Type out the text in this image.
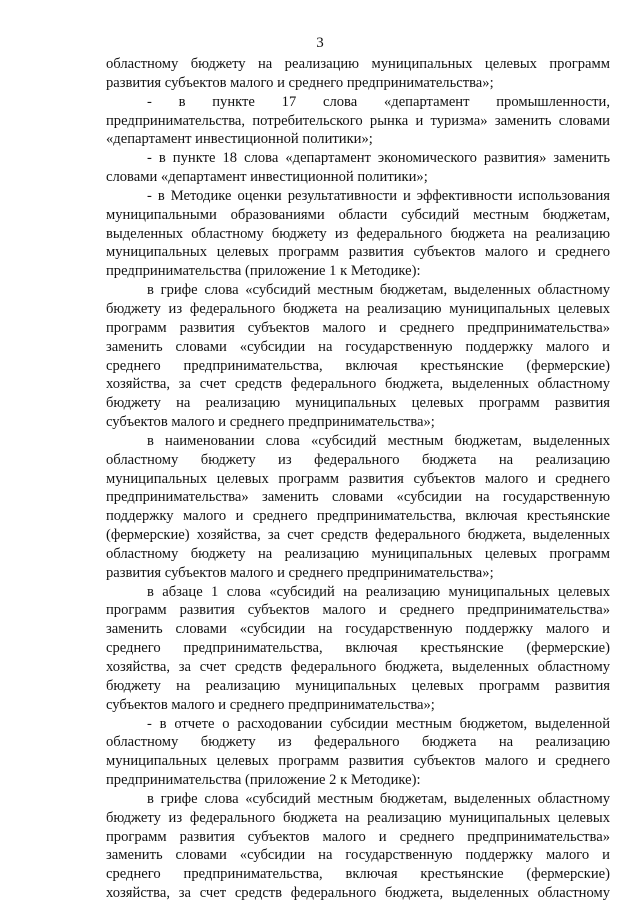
3
областному бюджету на реализацию муниципальных целевых программ
развития субъектов малого и среднего предпринимательства»;
- в пункте 17 слова «департамент промышленности,
предпринимательства, потребительского рынка и туризма» заменить словами
«департамент инвестиционной политики»;
- в пункте 18 слова «департамент экономического развития» заменить
словами «департамент инвестиционной политики»;
- в Методике оценки результативности и эффективности использования
муниципальными образованиями области субсидий местным бюджетам,
выделенных областному бюджету из федерального бюджета на реализацию
муниципальных целевых программ развития субъектов малого и среднего
предпринимательства (приложение 1 к Методике):
в грифе слова «субсидий местным бюджетам, выделенных областному
бюджету из федерального бюджета на реализацию муниципальных целевых
программ развития субъектов малого и среднего предпринимательства»
заменить словами «субсидии на государственную поддержку малого и
среднего предпринимательства, включая крестьянские (фермерские)
хозяйства, за счет средств федерального бюджета, выделенных областному
бюджету на реализацию муниципальных целевых программ развития
субъектов малого и среднего предпринимательства»;
в наименовании слова «субсидий местным бюджетам, выделенных
областному бюджету из федерального бюджета на реализацию
муниципальных целевых программ развития субъектов малого и среднего
предпринимательства» заменить словами «субсидии на государственную
поддержку малого и среднего предпринимательства, включая крестьянские
(фермерские) хозяйства, за счет средств федерального бюджета, выделенных
областному бюджету на реализацию муниципальных целевых программ
развития субъектов малого и среднего предпринимательства»;
в абзаце 1 слова «субсидий на реализацию муниципальных целевых
программ развития субъектов малого и среднего предпринимательства»
заменить словами «субсидии на государственную поддержку малого и
среднего предпринимательства, включая крестьянские (фермерские)
хозяйства, за счет средств федерального бюджета, выделенных областному
бюджету на реализацию муниципальных целевых программ развития
субъектов малого и среднего предпринимательства»;
- в отчете о расходовании субсидии местным бюджетом, выделенной
областному бюджету из федерального бюджета на реализацию
муниципальных целевых программ развития субъектов малого и среднего
предпринимательства (приложение 2 к Методике):
в грифе слова «субсидий местным бюджетам, выделенных областному
бюджету из федерального бюджета на реализацию муниципальных целевых
программ развития субъектов малого и среднего предпринимательства»
заменить словами «субсидии на государственную поддержку малого и
среднего предпринимательства, включая крестьянские (фермерские)
хозяйства, за счет средств федерального бюджета, выделенных областному
